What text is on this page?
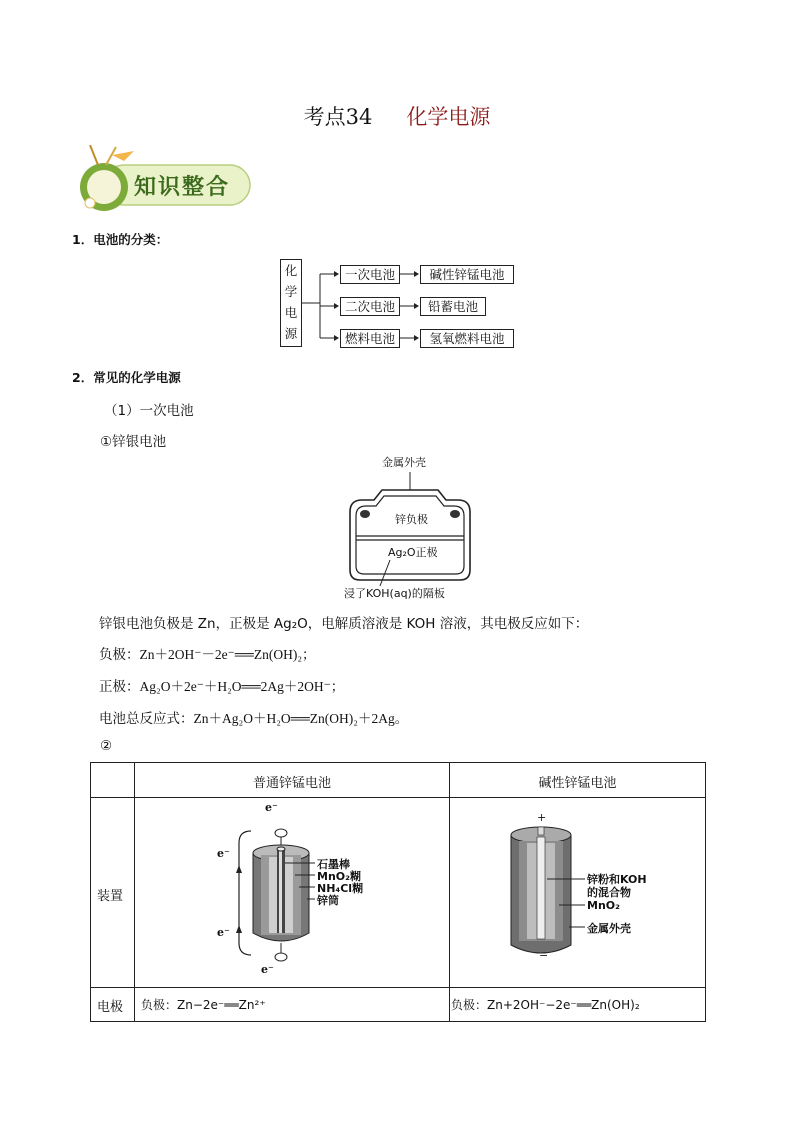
考点34 化学电源
知识整合
1．电池的分类：
化
学
电
源
一次电池
二次电池
燃料电池
碱性锌锰电池
铅蓄电池
氢氧燃料电池
2．常见的化学电源
（1）一次电池
①锌银电池
金属外壳
锌负极
Ag₂O正极
浸了KOH(aq)的隔板
锌银电池负极是 Zn，正极是 Ag₂O，电解质溶液是 KOH 溶液，其电极反应如下：
负极：Zn＋2OH⁻－2e⁻══Zn(OH)₂；
正极：Ag₂O＋2e⁻＋H₂O══2Ag＋2OH⁻；
电池总反应式：Zn＋Ag₂O＋H₂O══Zn(OH)₂＋2Ag。
②
普通锌锰电池	碱性锌锰电池
装置
电极 负极：Zn−2e⁻══Zn²⁺	负极：Zn+2OH⁻−2e⁻══Zn(OH)₂
e⁻
e⁻
e⁻
e⁻
石墨棒
MnO₂糊
NH₄Cl糊
锌筒
+
−
锌粉和KOH
的混合物
MnO₂
金属外壳
